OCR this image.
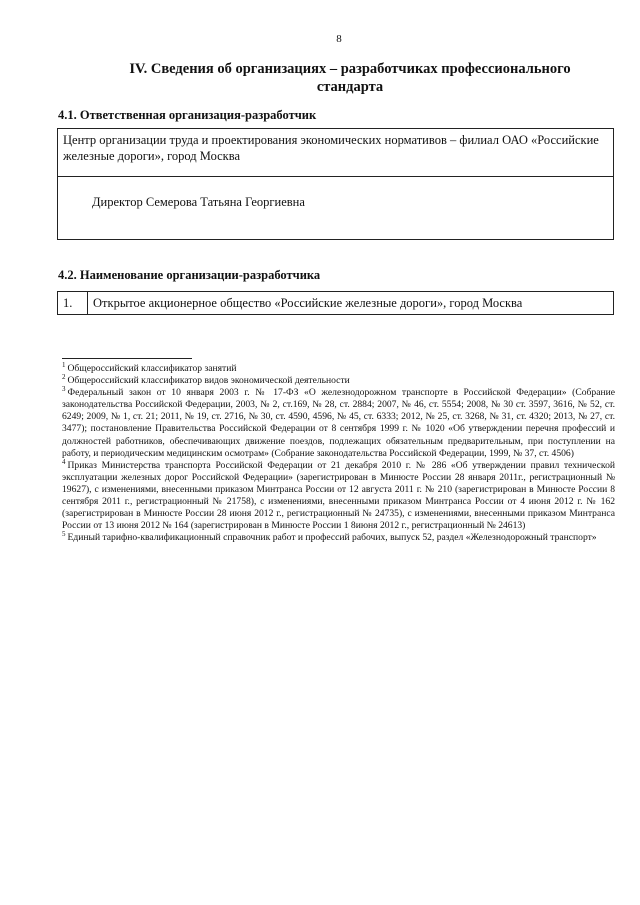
8
IV. Сведения об организациях – разработчиках профессионального стандарта
4.1. Ответственная организация-разработчик
Центр организации труда и проектирования экономических нормативов – филиал ОАО «Российские железные дороги», город Москва
Директор Семерова Татьяна Георгиевна
4.2. Наименование организации-разработчика
1.	Открытое акционерное общество «Российские железные дороги», город Москва

$^1$ Общероссийский классификатор занятий

$^2$ Общероссийский классификатор видов экономической деятельности

$^3$ Федеральный закон от 10 января 2003 г. № 17-ФЗ «О железнодорожном транспорте в Российской Федерации» (Собрание законодательства Российской Федерации, 2003, № 2, ст.169, № 28, ст. 2884; 2007, № 46, ст. 5554; 2008, № 30 ст. 3597, 3616, № 52, ст. 6249; 2009, № 1, ст. 21; 2011, № 19, ст. 2716, № 30, ст. 4590, 4596, № 45, ст. 6333; 2012, № 25, ст. 3268, № 31, ст. 4320; 2013, № 27, ст. 3477); постановление Правительства Российской Федерации от 8 сентября 1999 г. № 1020 «Об утверждении перечня профессий и должностей работников, обеспечивающих движение поездов, подлежащих обязательным предварительным, при поступлении на работу, и периодическим медицинским осмотрам» (Собрание законодательства Российской Федерации, 1999, № 37, ст. 4506)

$^4$ Приказ Министерства транспорта Российской Федерации от 21 декабря 2010 г. № 286 «Об утверждении правил технической эксплуатации железных дорог Российской Федерации» (зарегистрирован в Минюсте России 28 января 2011г., регистрационный № 19627), с изменениями, внесенными приказом Минтранса России от 12 августа 2011 г. № 210 (зарегистрирован в Минюсте России 8 сентября 2011 г., регистрационный № 21758), с изменениями, внесенными приказом Минтранса России от 4 июня 2012 г. № 162 (зарегистрирован в Минюсте России 28 июня 2012 г., регистрационный № 24735), с изменениями, внесенными приказом Минтранса России от 13 июня 2012 № 164 (зарегистрирован в Минюсте России 1 8июня 2012 г., регистрационный № 24613)

$^5$ Единый тарифно-квалификационный справочник работ и профессий рабочих, выпуск 52, раздел «Железнодорожный транспорт»
